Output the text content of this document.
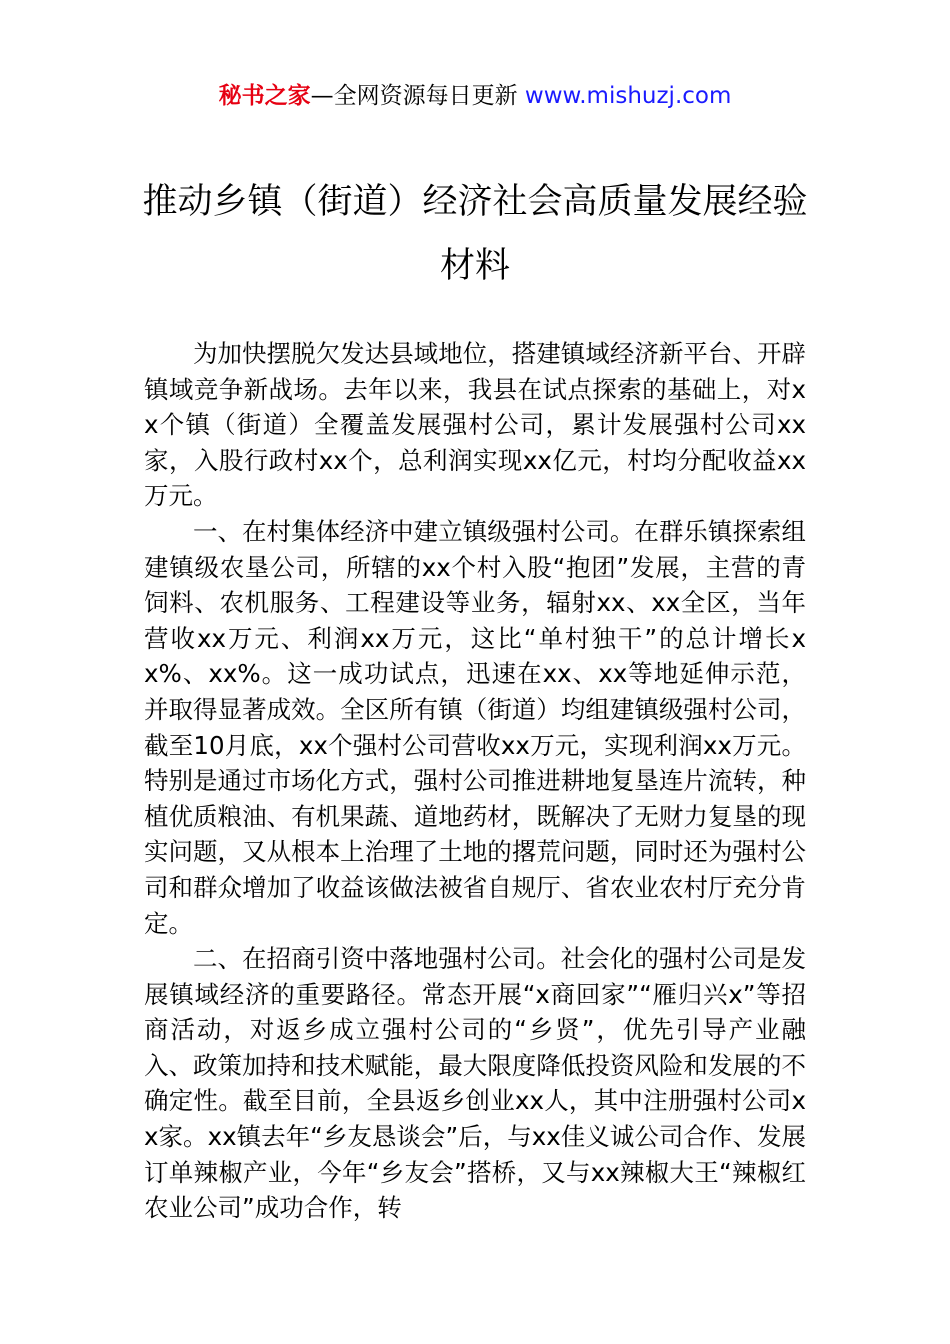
秘书之家—全网资源每日更新 www.mishuzj.com
推动乡镇（街道）经济社会高质量发展经验材料

为加快摆脱欠发达县域地位，搭建镇域经济新平台、开辟镇域竞争新战场。去年以来，我县在试点探索的基础上，对xx个镇（街道）全覆盖发展强村公司，累计发展强村公司xx家，入股行政村xx个，总利润实现xx亿元，村均分配收益xx万元。

一、在村集体经济中建立镇级强村公司。在群乐镇探索组建镇级农垦公司，所辖的xx个村入股“抱团”发展，主营的青饲料、农机服务、工程建设等业务，辐射xx、xx全区，当年营收xx万元、利润xx万元，这比“单村独干”的总计增长xx%、xx%。这一成功试点，迅速在xx、xx等地延伸示范，并取得显著成效。全区所有镇（街道）均组建镇级强村公司，截至10月底，xx个强村公司营收xx万元，实现利润xx万元。特别是通过市场化方式，强村公司推进耕地复垦连片流转，种植优质粮油、有机果蔬、道地药材，既解决了无财力复垦的现实问题，又从根本上治理了土地的撂荒问题，同时还为强村公司和群众增加了收益该做法被省自规厅、省农业农村厅充分肯定。

二、在招商引资中落地强村公司。社会化的强村公司是发展镇域经济的重要路径。常态开展“x商回家”“雁归兴x”等招商活动，对返乡成立强村公司的“乡贤”，优先引导产业融入、政策加持和技术赋能，最大限度降低投资风险和发展的不确定性。截至目前，全县返乡创业xx人，其中注册强村公司xx家。xx镇去年“乡友恳谈会”后，与xx佳义诚公司合作、发展订单辣椒产业，今年“乡友会”搭桥，又与xx辣椒大王“辣椒红农业公司”成功合作，转
